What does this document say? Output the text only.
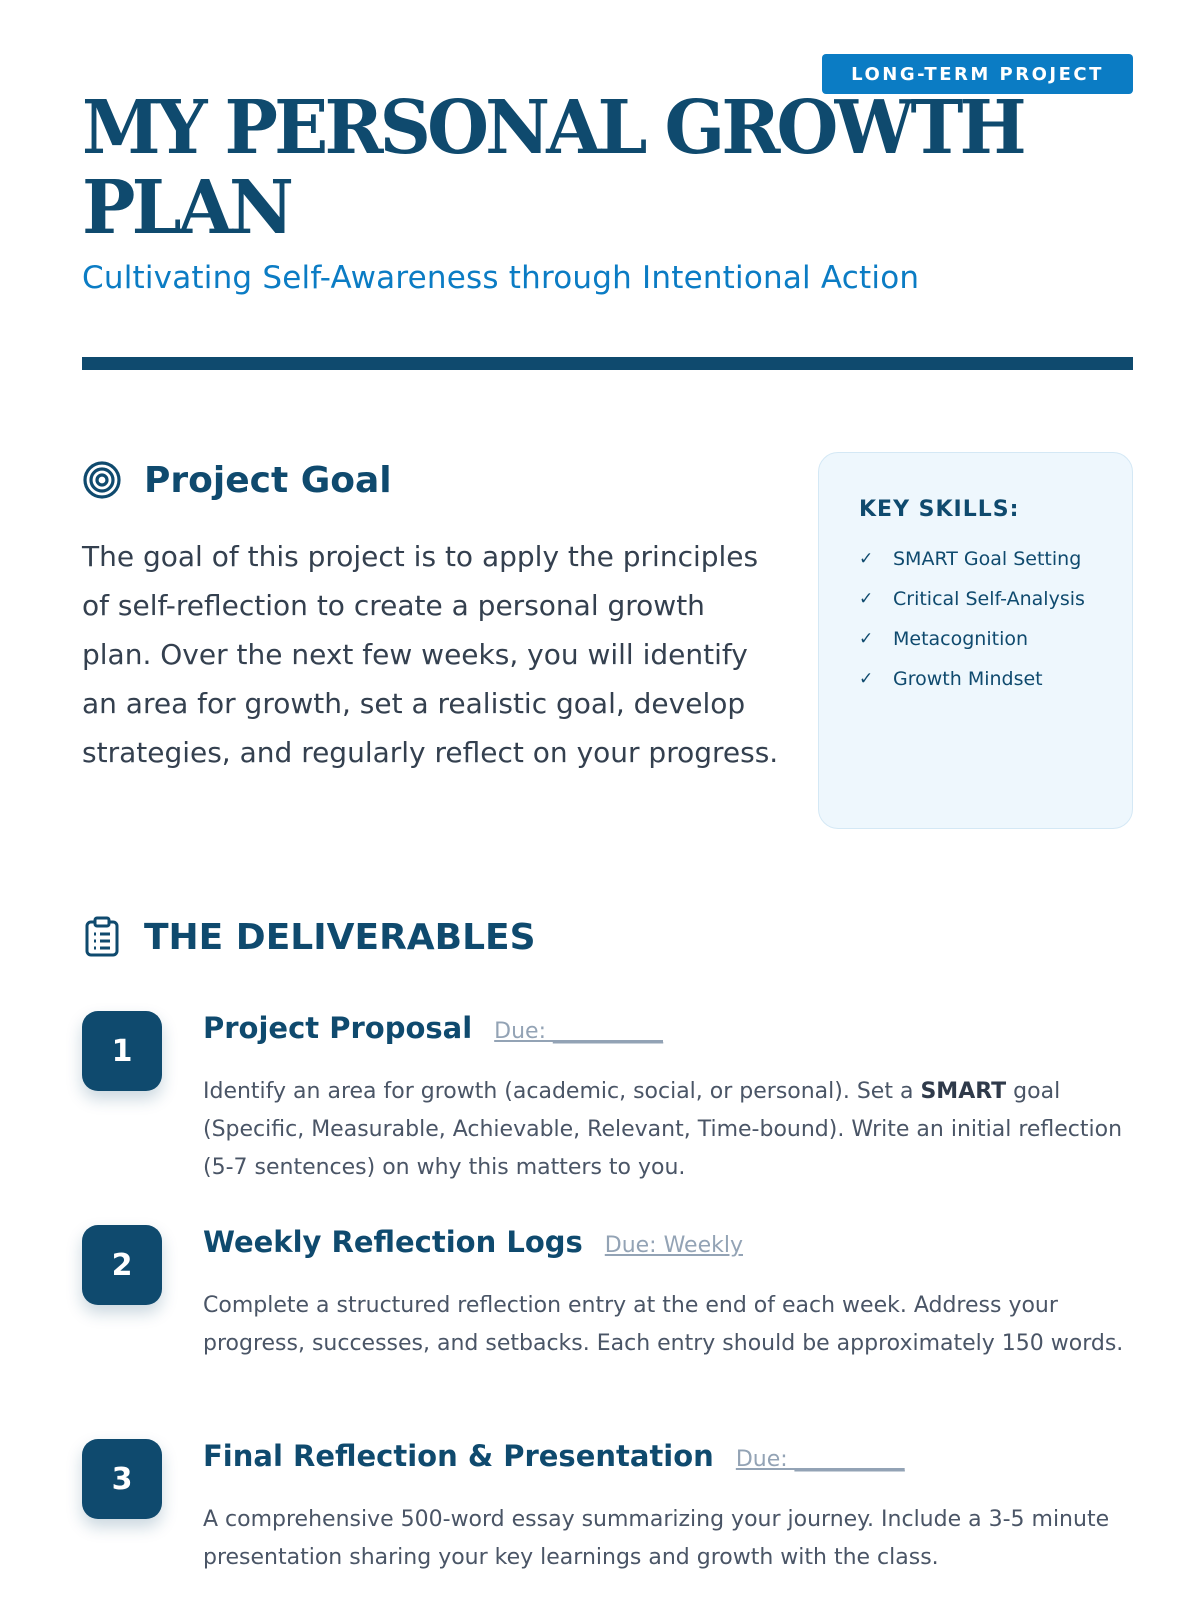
LONG-TERM PROJECT
MY PERSONAL GROWTH PLAN
Cultivating Self-Awareness through Intentional Action
Project Goal

The goal of this project is to apply the principles of self-reflection to create a personal growth plan. Over the next few weeks, you will identify an area for growth, set a realistic goal, develop strategies, and regularly reflect on your progress.

KEY SKILLS:
✓	SMART Goal Setting
✓	Critical Self-Analysis
✓	Metacognition
✓	Growth Mindset
THE DELIVERABLES
1
Project Proposal Due: __________

Identify an area for growth (academic, social, or personal). Set a SMART goal (Specific, Measurable, Achievable, Relevant, Time-bound). Write an initial reflection (5-7 sentences) on why this matters to you.

2
Weekly Reflection Logs Due: Weekly

Complete a structured reflection entry at the end of each week. Address your progress, successes, and setbacks. Each entry should be approximately 150 words.

3
Final Reflection & Presentation Due: __________

A comprehensive 500-word essay summarizing your journey. Include a 3-5 minute presentation sharing your key learnings and growth with the class.
